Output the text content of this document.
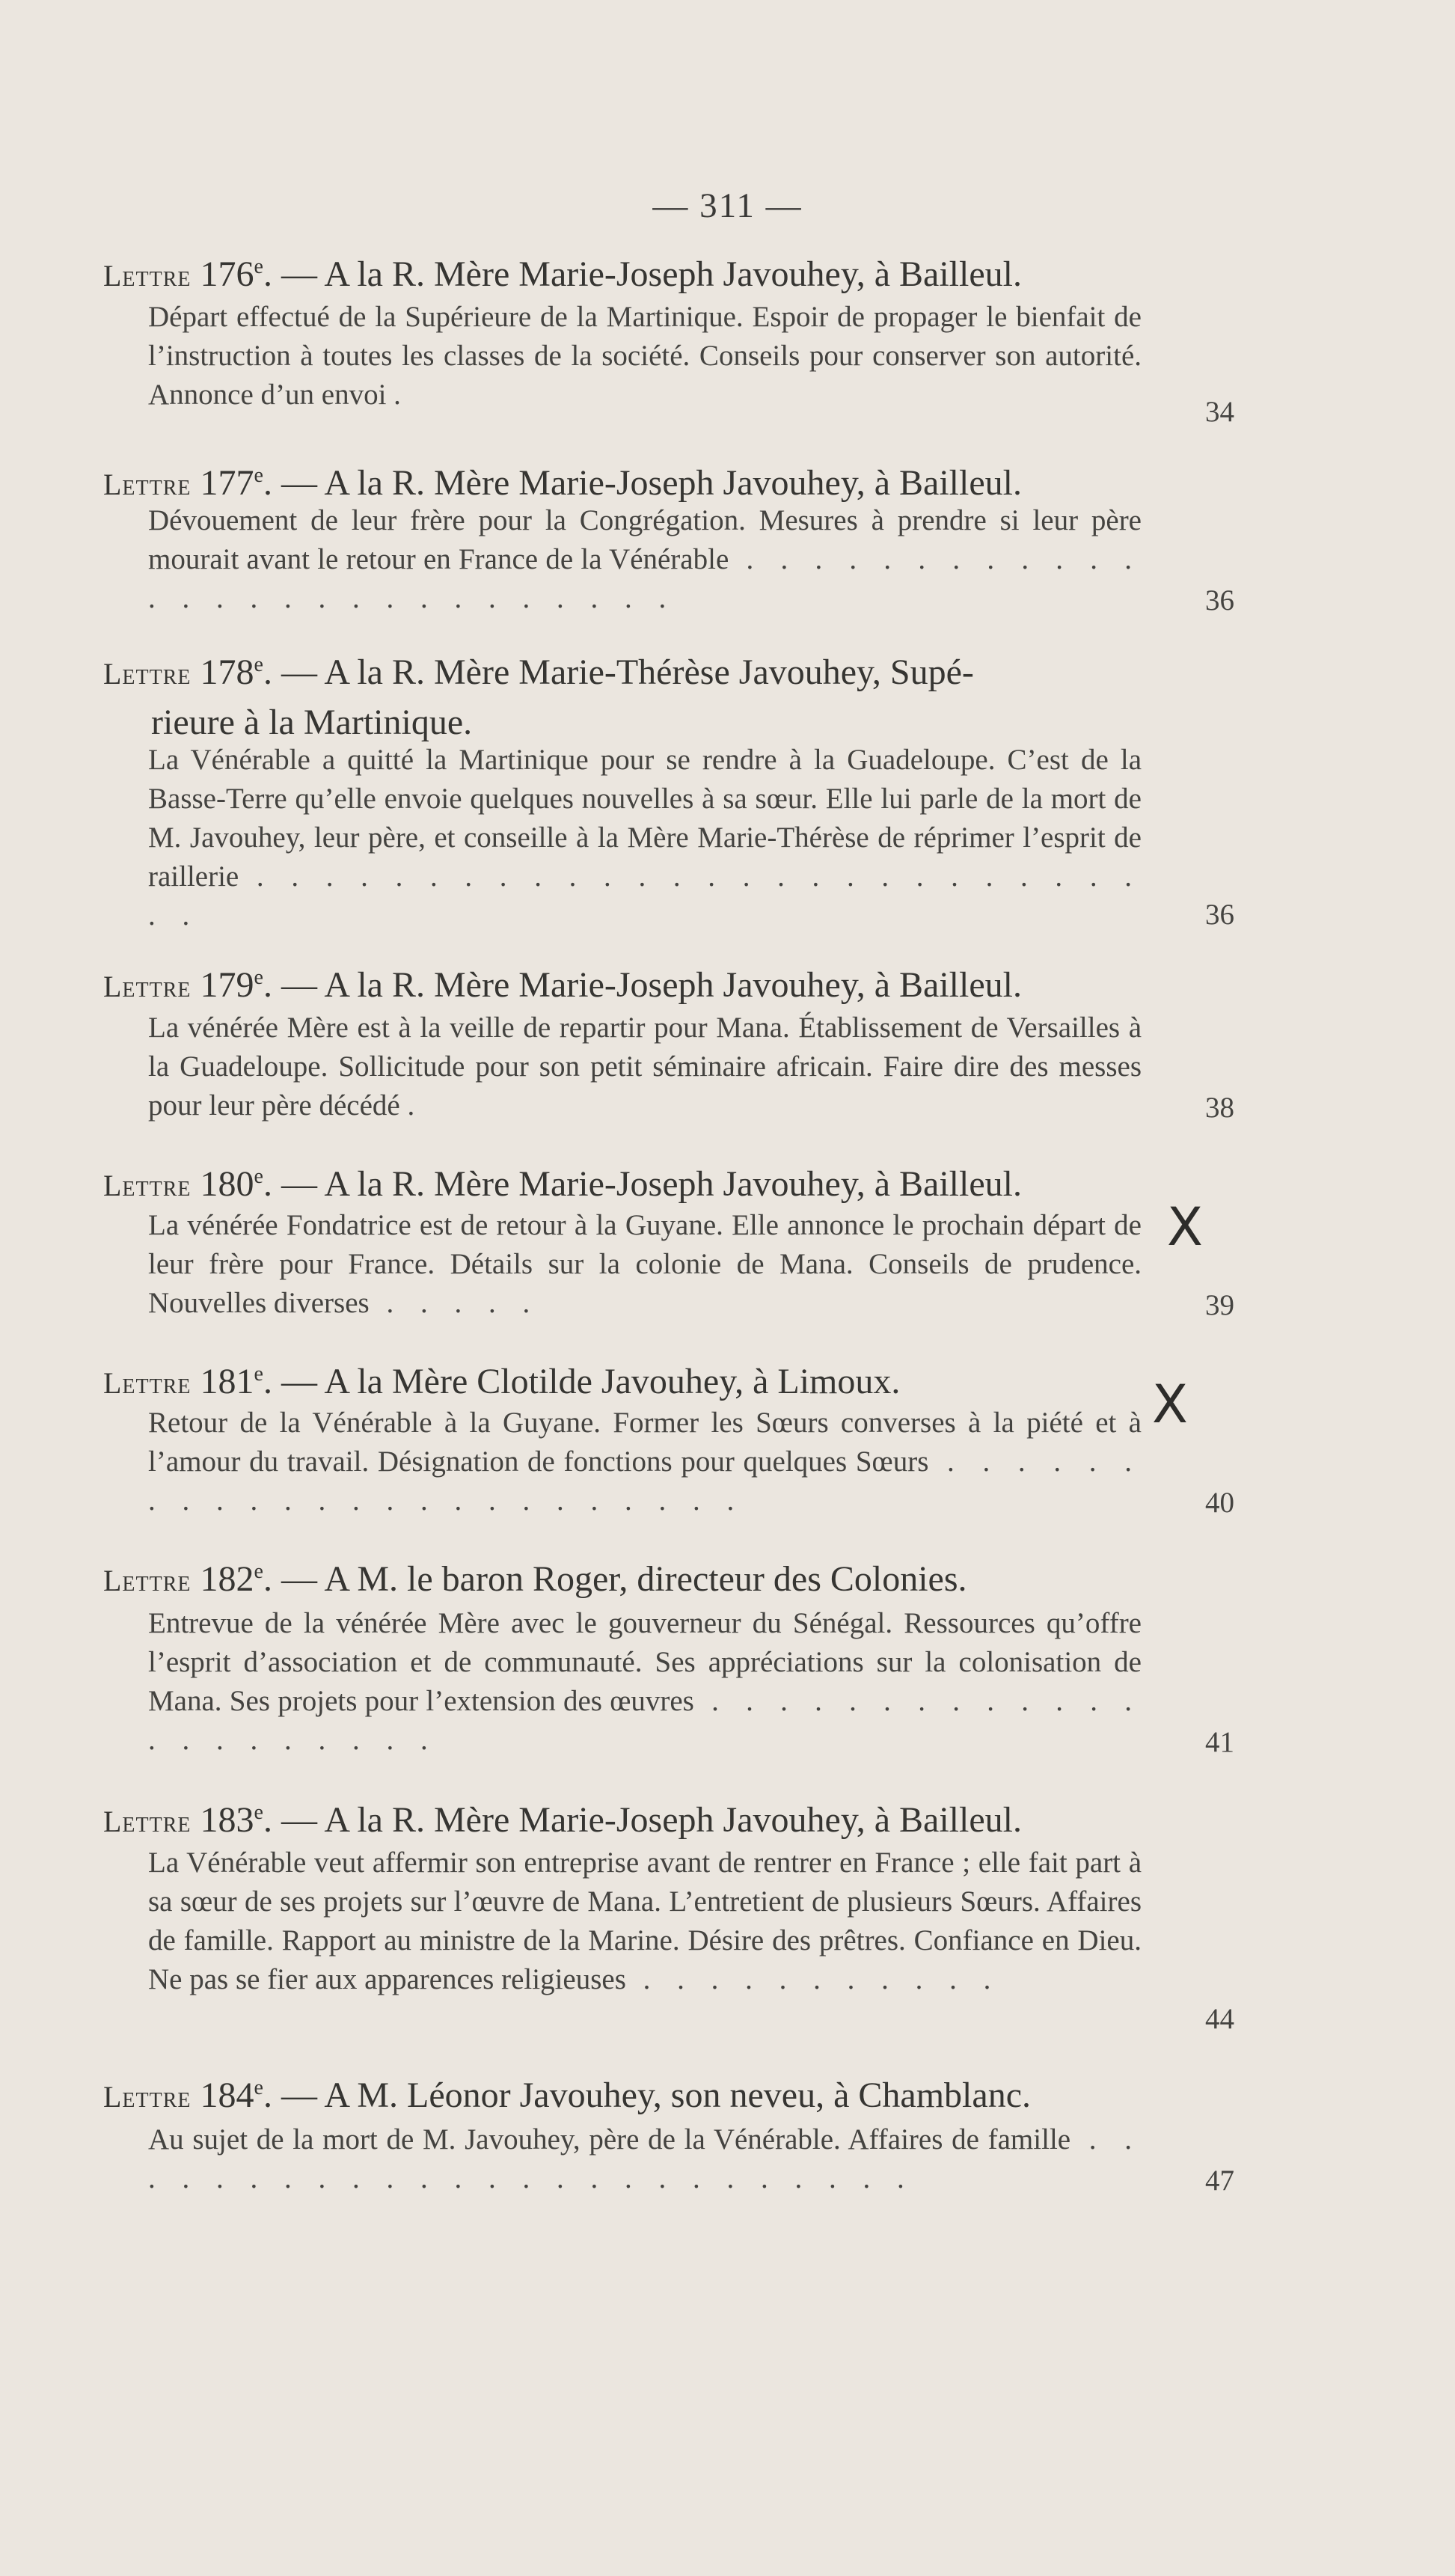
— 311 —
Lettre 176e. — A la R. Mère Marie-Joseph Javouhey, à Bailleul.
Départ effectué de la Supérieure de la Martinique. Espoir de propager le bienfait de l’instruction à toutes les classes de la société. Conseils pour conserver son autorité. Annonce d’un envoi .
34
Lettre 177e. — A la R. Mère Marie-Joseph Javouhey, à Bailleul.
Dévouement de leur frère pour la Congrégation. Mesures à prendre si leur père mourait avant le retour en France de la Vénérable . . . . . . . . . . . . . . . . . . . . . . . . . . . .	36
Lettre 178e. — A la R. Mère Marie-Thérèse Javouhey, Supé-
rieure à la Martinique.
La Vénérable a quitté la Martinique pour se rendre à la Guadeloupe. C’est de la Basse-Terre qu’elle envoie quelques nouvelles à sa sœur. Elle lui parle de la mort de M. Javouhey, leur père, et conseille à la Mère Marie-Thérèse de réprimer l’esprit de raillerie . . . . . . . . . . . . . . . . . . . . . . . . . . . .	36
Lettre 179e. — A la R. Mère Marie-Joseph Javouhey, à Bailleul.
La vénérée Mère est à la veille de repartir pour Mana. Établissement de Versailles à la Guadeloupe. Sollicitude pour son petit séminaire africain. Faire dire des messes pour leur père décédé .	38
Lettre 180e. — A la R. Mère Marie-Joseph Javouhey, à Bailleul.
La vénérée Fondatrice est de retour à la Guyane. Elle annonce le prochain départ de leur frère pour France. Détails sur la colonie de Mana. Conseils de prudence. Nouvelles diverses . . . . .	39
X
Lettre 181e. — A la Mère Clotilde Javouhey, à Limoux.
Retour de la Vénérable à la Guyane. Former les Sœurs converses à la piété et à l’amour du travail. Désignation de fonctions pour quelques Sœurs . . . . . . . . . . . . . . . . . . . . . . . .	40
X
Lettre 182e. — A M. le baron Roger, directeur des Colonies.
Entrevue de la vénérée Mère avec le gouverneur du Sénégal. Ressources qu’offre l’esprit d’association et de communauté. Ses appréciations sur la colonisation de Mana. Ses projets pour l’extension des œuvres . . . . . . . . . . . . . . . . . . . . . .	41
Lettre 183e. — A la R. Mère Marie-Joseph Javouhey, à Bailleul.
La Vénérable veut affermir son entreprise avant de rentrer en France ; elle fait part à sa sœur de ses projets sur l’œuvre de Mana. L’entretient de plusieurs Sœurs. Affaires de famille. Rapport au ministre de la Marine. Désire des prêtres. Confiance en Dieu. Ne pas se fier aux apparences religieuses . . . . . . . . . . .
44
Lettre 184e. — A M. Léonor Javouhey, son neveu, à Chamblanc.
Au sujet de la mort de M. Javouhey, père de la Vénérable. Affaires de famille . . . . . . . . . . . . . . . . . . . . . . . . .	47
